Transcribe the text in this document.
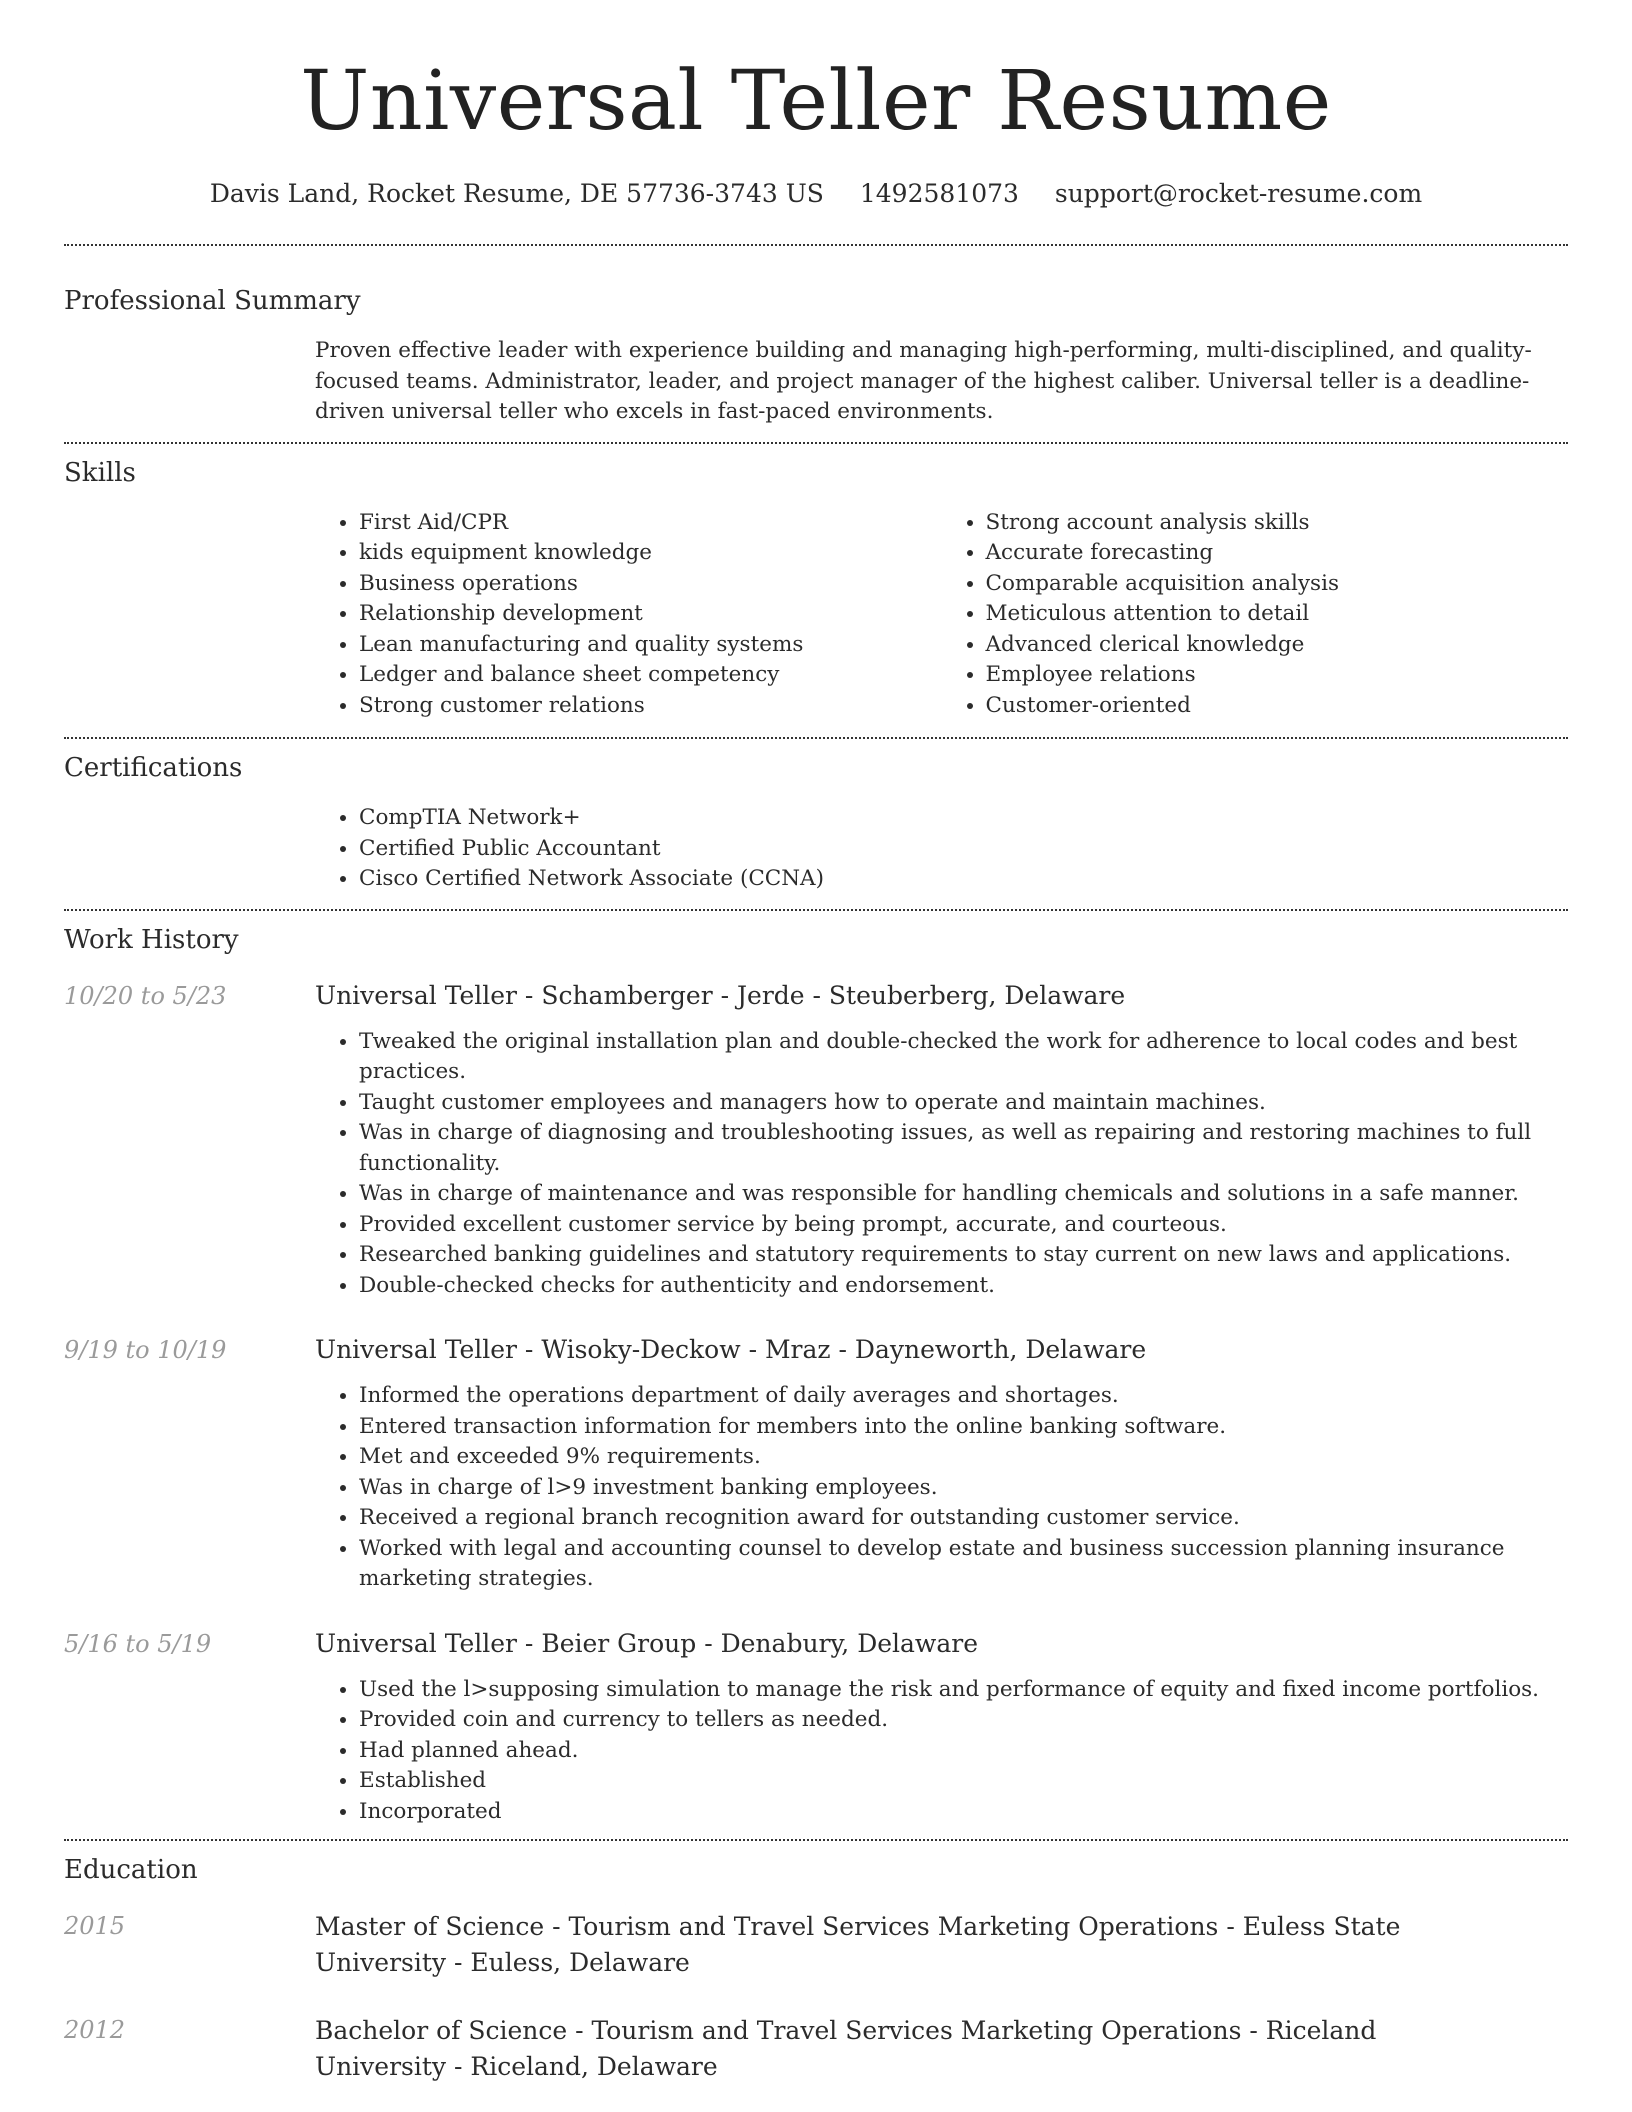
Universal Teller Resume
Davis Land, Rocket Resume, DE 57736-3743 US 1492581073 support@rocket-resume.com
Professional Summary
Proven effective leader with experience building and managing high-performing, multi-disciplined, and quality-focused teams. Administrator, leader, and project manager of the highest caliber. Universal teller is a deadline-driven universal teller who excels in fast-paced environments.
Skills
• First Aid/CPR
• kids equipment knowledge
• Business operations
• Relationship development
• Lean manufacturing and quality systems
• Ledger and balance sheet competency
• Strong customer relations
• Strong account analysis skills
• Accurate forecasting
• Comparable acquisition analysis
• Meticulous attention to detail
• Advanced clerical knowledge
• Employee relations
• Customer-oriented
Certifications
• CompTIA Network+
• Certified Public Accountant
• Cisco Certified Network Associate (CCNA)
Work History
10/20 to 5/23	Universal Teller - Schamberger - Jerde - Steuberberg, Delaware
• Tweaked the original installation plan and double-checked the work for adherence to local codes and best practices.
• Taught customer employees and managers how to operate and maintain machines.
• Was in charge of diagnosing and troubleshooting issues, as well as repairing and restoring machines to full functionality.
• Was in charge of maintenance and was responsible for handling chemicals and solutions in a safe manner.
• Provided excellent customer service by being prompt, accurate, and courteous.
• Researched banking guidelines and statutory requirements to stay current on new laws and applications.
• Double-checked checks for authenticity and endorsement.
9/19 to 10/19	Universal Teller - Wisoky-Deckow - Mraz - Dayneworth, Delaware
• Informed the operations department of daily averages and shortages.
• Entered transaction information for members into the online banking software.
• Met and exceeded 9% requirements.
• Was in charge of l>9 investment banking employees.
• Received a regional branch recognition award for outstanding customer service.
• Worked with legal and accounting counsel to develop estate and business succession planning insurance marketing strategies.
5/16 to 5/19	Universal Teller - Beier Group - Denabury, Delaware
• Used the l>supposing simulation to manage the risk and performance of equity and fixed income portfolios.
• Provided coin and currency to tellers as needed.
• Had planned ahead.
• Established
• Incorporated
Education
2015	Master of Science - Tourism and Travel Services Marketing Operations - Euless State University - Euless, Delaware
2012	Bachelor of Science - Tourism and Travel Services Marketing Operations - Riceland University - Riceland, Delaware
